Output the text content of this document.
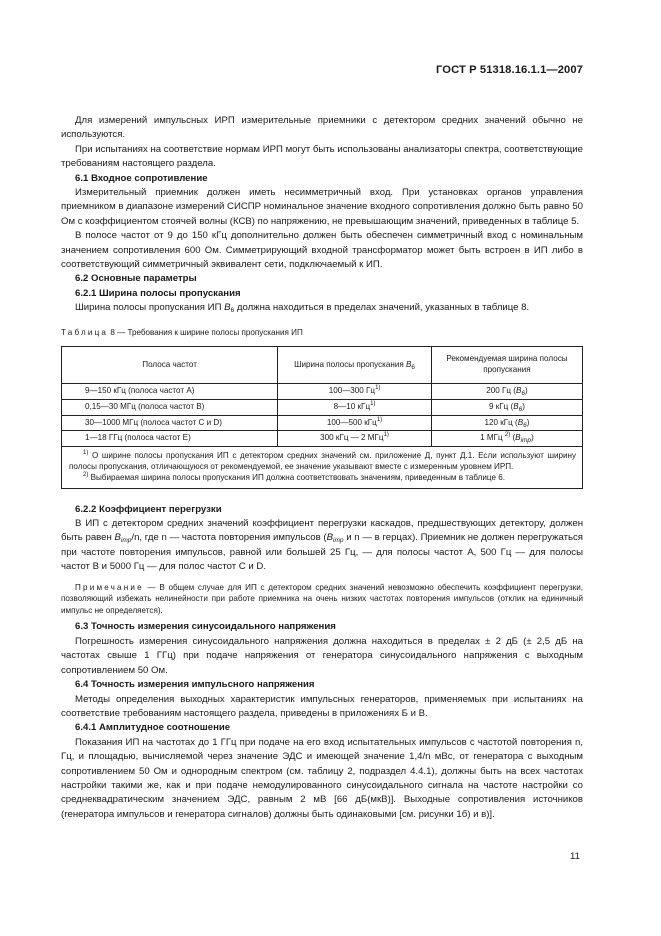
ГОСТ Р 51318.16.1.1—2007

Для измерений импульсных ИРП измерительные приемники с детектором средних значений обычно не используются.

При испытаниях на соответствие нормам ИРП могут быть использованы анализаторы спектра, соответствующие требованиям настоящего раздела.

6.1 Входное сопротивление

Измерительный приемник должен иметь несимметричный вход. При установках органов управления приемником в диапазоне измерений СИСПР номинальное значение входного сопротивления должно быть равно 50 Ом с коэффициентом стоячей волны (КСВ) по напряжению, не превышающим значений, приведенных в таблице 5.

В полосе частот от 9 до 150 кГц дополнительно должен быть обеспечен симметричный вход с номинальным значением сопротивления 600 Ом. Симметрирующий входной трансформатор может быть встроен в ИП либо в соответствующий симметричный эквивалент сети, подключаемый к ИП.

6.2 Основные параметры

6.2.1 Ширина полосы пропускания

Ширина полосы пропускания ИП $B_6$ должна находиться в пределах значений, указанных в таблице 8.

Таблица 8 — Требования к ширине полосы пропускания ИП
Полоса частот	Ширина полосы пропускания $B_6$	Рекомендуемая ширина полосы пропускания
9—150 кГц (полоса частот А)	100—300 $Гц^{1)}$	200 Гц $(B_6)$
0,15—30 МГц (полоса частот В)	8—10 кГц$^{1)}$	9 кГц $(B_6)$
30—1000 МГц (полоса частот С и D)	100—500 кГц$^{1)}$	120 кГц $(B_6)$
1—18 ГГц (полоса частот Е)	300 кГц — 2 МГц$^{1)}$	1 МГц $^{2)}$ $(B_{imp})$

$^{1)}$ О ширине полосы пропускания ИП с детектором средних значений см. приложение Д, пункт Д.1. Если используют ширину полосы пропускания, отличающуюся от рекомендуемой, ее значение указывают вместе с измеренным уровнем ИРП.

$^{2)}$ Выбираемая ширина полосы пропускания ИП должна соответствовать значениям, приведенным в таблице 6.		

6.2.2 Коэффициент перегрузки

В ИП с детектором средних значений коэффициент перегрузки каскадов, предшествующих детектору, должен быть равен $B_{imp}/n$, где n — частота повторения импульсов ($B_{imp}$ и n — в герцах). Приемник не должен перегружаться при частоте повторения импульсов, равной или большей 25 Гц, — для полосы частот А, 500 Гц — для полосы частот В и 5000 Гц — для полос частот С и D.

Примечание — В общем случае для ИП с детектором средних значений невозможно обеспечить коэффициент перегрузки, позволяющий избежать нелинейности при работе приемника на очень низких частотах повторения импульсов (отклик на единичный импульс не определяется).

6.3 Точность измерения синусоидального напряжения

Погрешность измерения синусоидального напряжения должна находиться в пределах ± 2 дБ (± 2,5 дБ на частотах свыше 1 ГГц) при подаче напряжения от генератора синусоидального напряжения с выходным сопротивлением 50 Ом.

6.4 Точность измерения импульсного напряжения

Методы определения выходных характеристик импульсных генераторов, применяемых при испытаниях на соответствие требованиям настоящего раздела, приведены в приложениях Б и В.

6.4.1 Амплитудное соотношение

Показания ИП на частотах до 1 ГГц при подаче на его вход испытательных импульсов с частотой повторения n, Гц, и площадью, вычисляемой через значение ЭДС и имеющей значение 1,4/n мВс, от генератора с выходным сопротивлением 50 Ом и однородным спектром (см. таблицу 2, подраздел 4.4.1), должны быть на всех частотах настройки такими же, как и при подаче немодулированного синусоидального сигнала на частоте настройки со среднеквадратическим значением ЭДС, равным 2 мВ [66 дБ(мкВ)]. Выходные сопротивления источников (генератора импульсов и генератора сигналов) должны быть одинаковыми [см. рисунки 1б) и в)].

11
